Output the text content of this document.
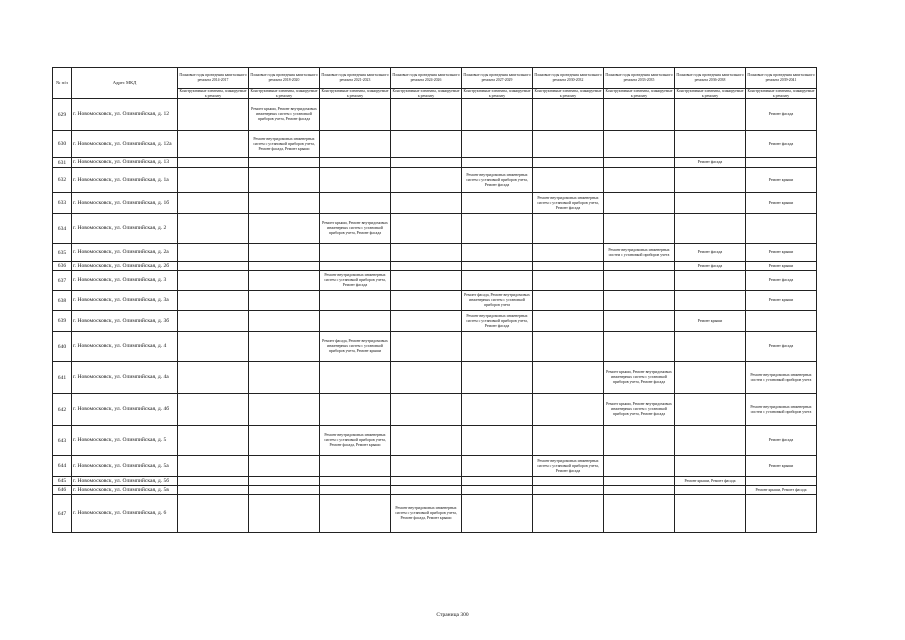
№ п/п	Адрес МКД	Плановые годы проведения капитального ремонта 2014-2017	Плановые годы проведения капитального ремонта 2018-2020	Плановые годы проведения капитального ремонта 2021-2023	Плановые годы проведения капитального ремонта 2024-2026	Плановые годы проведения капитального ремонта 2027-2029	Плановые годы проведения капитального ремонта 2030-2032	Плановые годы проведения капитального ремонта 2033-2035	Плановые годы проведения капитального ремонта 2036-2038	Плановые годы проведения капитального ремонта 2039-2041
		Конструктивные элементы, планируемые к ремонту	Конструктивные элементы, планируемые к ремонту	Конструктивные элементы, планируемые к ремонту	Конструктивные элементы, планируемые к ремонту	Конструктивные элементы, планируемые к ремонту	Конструктивные элементы, планируемые к ремонту	Конструктивные элементы, планируемые к ремонту	Конструктивные элементы, планируемые к ремонту	Конструктивные элементы, планируемые к ремонту
629	г. Новомосковск, ул. Олимпийская, д. 12		Ремонт крыши, Ремонт внутридомовых инженерных систем с установкой приборов учета, Ремонт фасада							Ремонт фасада
630	г. Новомосковск, ул. Олимпийская, д. 12а		Ремонт внутридомовых инженерных систем с установкой приборов учета, Ремонт фасада, Ремонт крыши							Ремонт фасада
631	г. Новомосковск, ул. Олимпийская, д. 13								Ремонт фасада	
632	г. Новомосковск, ул. Олимпийская, д. 1а					Ремонт внутридомовых инженерных систем с установкой приборов учета, Ремонт фасада				Ремонт крыши
633	г. Новомосковск, ул. Олимпийская, д. 1б						Ремонт внутридомовых инженерных систем с установкой приборов учета, Ремонт фасада			Ремонт крыши
634	г. Новомосковск, ул. Олимпийская, д. 2			Ремонт крыши, Ремонт внутридомовых инженерных систем с установкой приборов учета, Ремонт фасада						
635	г. Новомосковск, ул. Олимпийская, д. 2а							Ремонт внутридомовых инженерных систем с установкой приборов учета	Ремонт фасада	Ремонт крыши
636	г. Новомосковск, ул. Олимпийская, д. 2б								Ремонт фасада	Ремонт крыши
637	г. Новомосковск, ул. Олимпийская, д. 3			Ремонт внутридомовых инженерных систем с установкой приборов учета, Ремонт фасада						Ремонт фасада
638	г. Новомосковск, ул. Олимпийская, д. 3а					Ремонт фасада, Ремонт внутридомовых инженерных систем с установкой приборов учета				Ремонт крыши
639	г. Новомосковск, ул. Олимпийская, д. 3б					Ремонт внутридомовых инженерных систем с установкой приборов учета, Ремонт фасада			Ремонт крыши	
640	г. Новомосковск, ул. Олимпийская, д. 4			Ремонт фасада, Ремонт внутридомовых инженерных систем с установкой приборов учета, Ремонт крыши						Ремонт фасада
641	г. Новомосковск, ул. Олимпийская, д. 4а							Ремонт крыши, Ремонт внутридомовых инженерных систем с установкой приборов учета, Ремонт фасада		Ремонт внутридомовых инженерных систем с установкой приборов учета
642	г. Новомосковск, ул. Олимпийская, д. 4б							Ремонт крыши, Ремонт внутридомовых инженерных систем с установкой приборов учета, Ремонт фасада		Ремонт внутридомовых инженерных систем с установкой приборов учета
643	г. Новомосковск, ул. Олимпийская, д. 5			Ремонт внутридомовых инженерных систем с установкой приборов учета, Ремонт фасада, Ремонт крыши						Ремонт фасада
644	г. Новомосковск, ул. Олимпийская, д. 5а						Ремонт внутридомовых инженерных систем с установкой приборов учета, Ремонт фасада			Ремонт крыши
645	г. Новомосковск, ул. Олимпийская, д. 5б								Ремонт крыши, Ремонт фасада	
646	г. Новомосковск, ул. Олимпийская, д. 5в									Ремонт крыши, Ремонт фасада
647	г. Новомосковск, ул. Олимпийская, д. 6				Ремонт внутридомовых инженерных систем с установкой приборов учета, Ремонт фасада, Ремонт крыши					
Страница 300
